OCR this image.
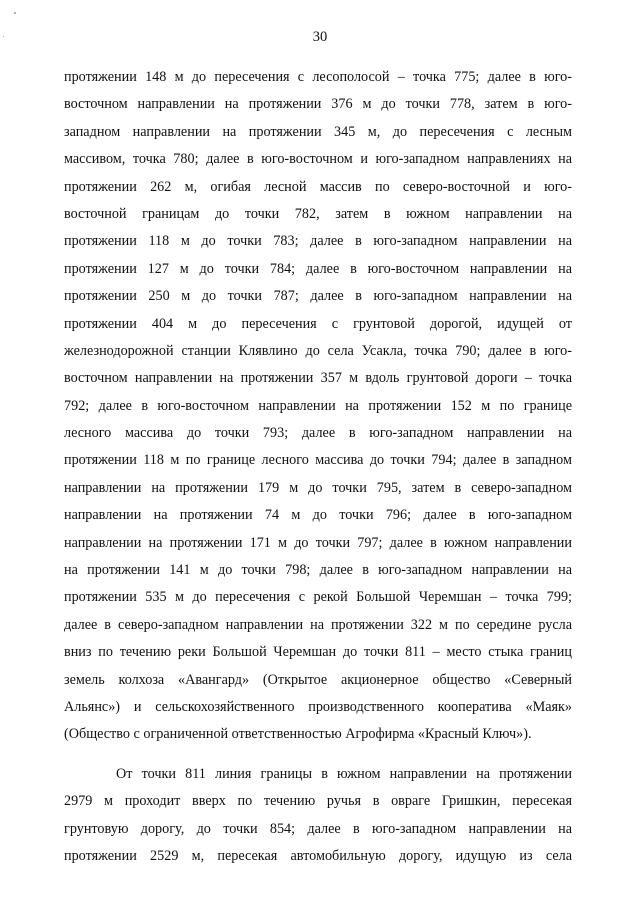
30

протяжении 148 м до пересечения с лесополосой – точка 775; далее в юго-
восточном направлении на протяжении 376 м до точки 778, затем в юго-
западном направлении на протяжении 345 м, до пересечения с лесным
массивом, точка 780; далее в юго-восточном и юго-западном направлениях на
протяжении 262 м, огибая лесной массив по северо-восточной и юго-
восточной границам до точки 782, затем в южном направлении на
протяжении 118 м до точки 783; далее в юго-западном направлении на
протяжении 127 м до точки 784; далее в юго-восточном направлении на
протяжении 250 м до точки 787; далее в юго-западном направлении на
протяжении 404 м до пересечения с грунтовой дорогой, идущей от
железнодорожной станции Клявлино до села Усакла, точка 790; далее в юго-
восточном направлении на протяжении 357 м вдоль грунтовой дороги – точка
792; далее в юго-восточном направлении на протяжении 152 м по границе
лесного массива до точки 793; далее в юго-западном направлении на
протяжении 118 м по границе лесного массива до точки 794; далее в западном
направлении на протяжении 179 м до точки 795, затем в северо-западном
направлении на протяжении 74 м до точки 796; далее в юго-западном
направлении на протяжении 171 м до точки 797; далее в южном направлении
на протяжении 141 м до точки 798; далее в юго-западном направлении на
протяжении 535 м до пересечения с рекой Большой Черемшан – точка 799;
далее в северо-западном направлении на протяжении 322 м по середине русла
вниз по течению реки Большой Черемшан до точки 811 – место стыка границ
земель колхоза «Авангард» (Открытое акционерное общество «Северный
Альянс») и сельскохозяйственного производственного кооператива «Маяк»
(Общество с ограниченной ответственностью Агрофирма «Красный Ключ»).

От точки 811 линия границы в южном направлении на протяжении
2979 м проходит вверх по течению ручья в овраге Гришкин, пересекая
грунтовую дорогу, до точки 854; далее в юго-западном направлении на
протяжении 2529 м, пересекая автомобильную дорогу, идущую из села
